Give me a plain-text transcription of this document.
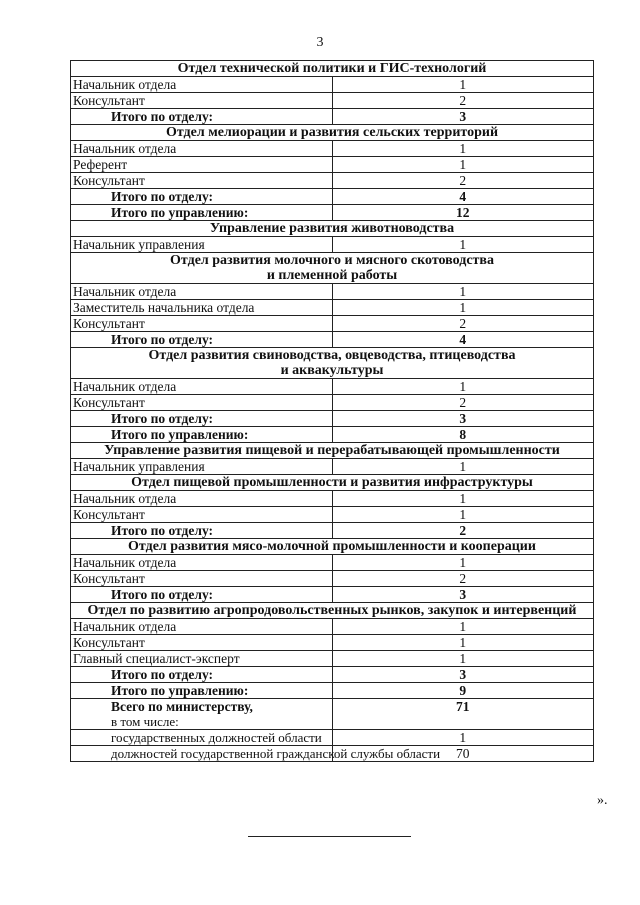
3
Отдел технической политики и ГИС-технологий	

Начальник отдела	1

Консультант	2

Итого по отделу:	3

Отдел мелиорации и развития сельских территорий	

Начальник отдела	1

Референт	1

Консультант	2

Итого по отделу:	4

Итого по управлению:	12

Управление развития животноводства	

Начальник управления	1

Отдел развития молочного и мясного скотоводства
и племенной работы	

Начальник отдела	1

Заместитель начальника отдела	1

Консультант	2

Итого по отделу:	4

Отдел развития свиноводства, овцеводства, птицеводства
и аквакультуры	

Начальник отдела	1

Консультант	2

Итого по отделу:	3

Итого по управлению:	8

Управление развития пищевой и перерабатывающей промышленности	

Начальник управления	1

Отдел пищевой промышленности и развития инфраструктуры	

Начальник отдела	1

Консультант	1

Итого по отделу:	2

Отдел развития мясо-молочной промышленности и кооперации	

Начальник отдела	1

Консультант	2

Итого по отделу:	3

Отдел по развитию агропродовольственных рынков, закупок и интервенций	

Начальник отдела	1

Консультант	1

Главный специалист-эксперт	1

Итого по отделу:	3

Итого по управлению:	9

Всего по министерству,
в том числе:	71

государственных должностей области	1

должностей государственной гражданской службы области	70
».
